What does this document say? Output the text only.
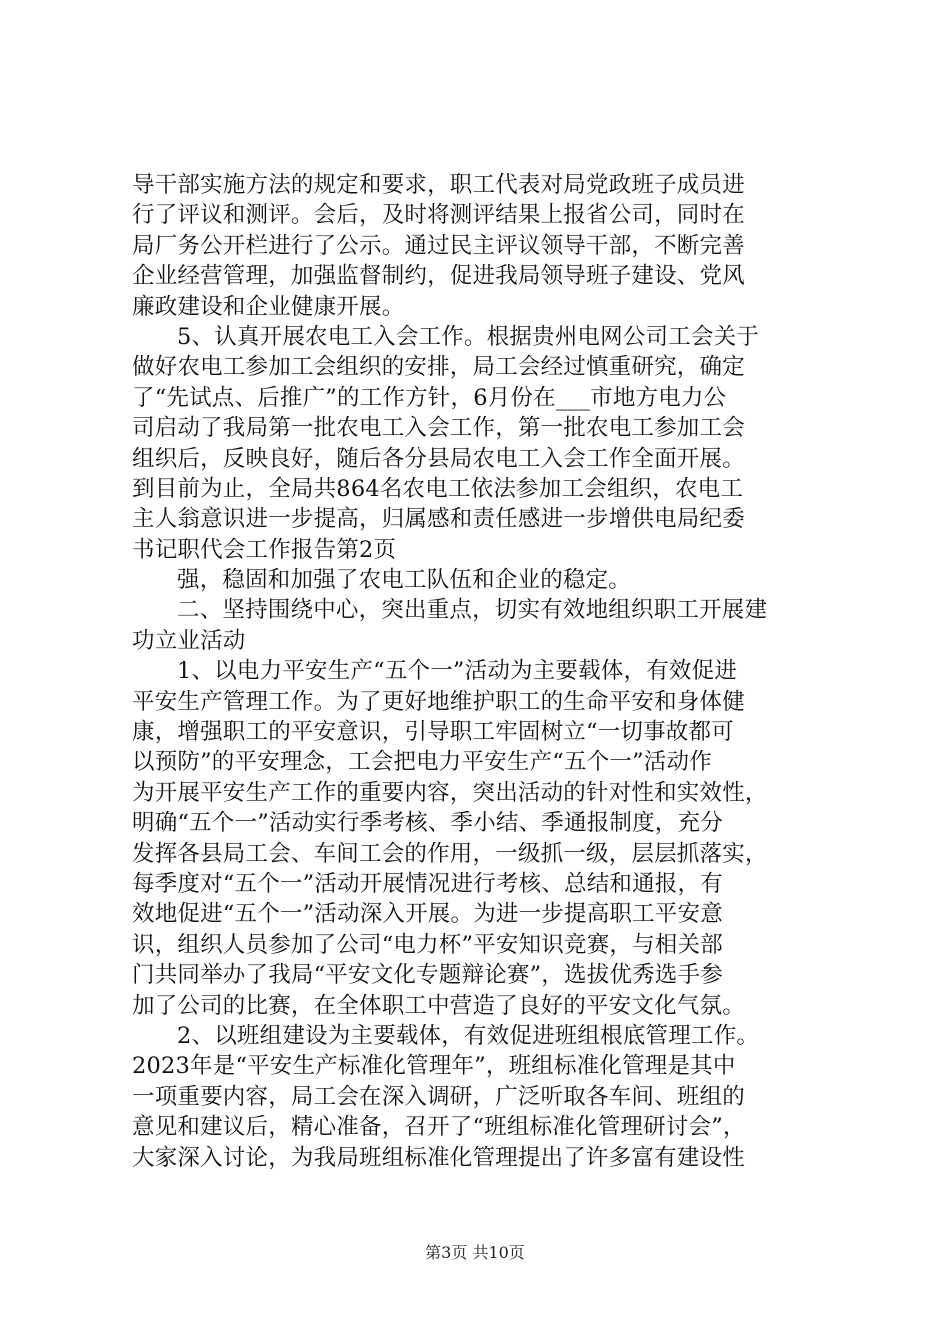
导干部实施方法的规定和要求，职工代表对局党政班子成员进
行了评议和测评。会后，及时将测评结果上报省公司，同时在
局厂务公开栏进行了公示。通过民主评议领导干部，不断完善
企业经营管理，加强监督制约，促进我局领导班子建设、党风
廉政建设和企业健康开展。
5、认真开展农电工入会工作。根据贵州电网公司工会关于
做好农电工参加工会组织的安排，局工会经过慎重研究，确定
了“先试点、后推广”的工作方针，6月份在___市地方电力公
司启动了我局第一批农电工入会工作，第一批农电工参加工会
组织后，反映良好，随后各分县局农电工入会工作全面开展。
到目前为止，全局共864名农电工依法参加工会组织，农电工
主人翁意识进一步提高，归属感和责任感进一步增供电局纪委
书记职代会工作报告第2页
强，稳固和加强了农电工队伍和企业的稳定。
二、坚持围绕中心，突出重点，切实有效地组织职工开展建
功立业活动
1、以电力平安生产“五个一”活动为主要载体，有效促进
平安生产管理工作。为了更好地维护职工的生命平安和身体健
康，增强职工的平安意识，引导职工牢固树立“一切事故都可
以预防”的平安理念，工会把电力平安生产“五个一”活动作
为开展平安生产工作的重要内容，突出活动的针对性和实效性，
明确“五个一”活动实行季考核、季小结、季通报制度，充分
发挥各县局工会、车间工会的作用，一级抓一级，层层抓落实，
每季度对“五个一”活动开展情况进行考核、总结和通报，有
效地促进“五个一”活动深入开展。为进一步提高职工平安意
识，组织人员参加了公司“电力杯”平安知识竞赛，与相关部
门共同举办了我局“平安文化专题辩论赛”，选拔优秀选手参
加了公司的比赛，在全体职工中营造了良好的平安文化气氛。
2、以班组建设为主要载体，有效促进班组根底管理工作。
2023年是“平安生产标准化管理年”，班组标准化管理是其中
一项重要内容，局工会在深入调研，广泛听取各车间、班组的
意见和建议后，精心准备，召开了“班组标准化管理研讨会”，
大家深入讨论，为我局班组标准化管理提出了许多富有建设性
第3页 共10页
